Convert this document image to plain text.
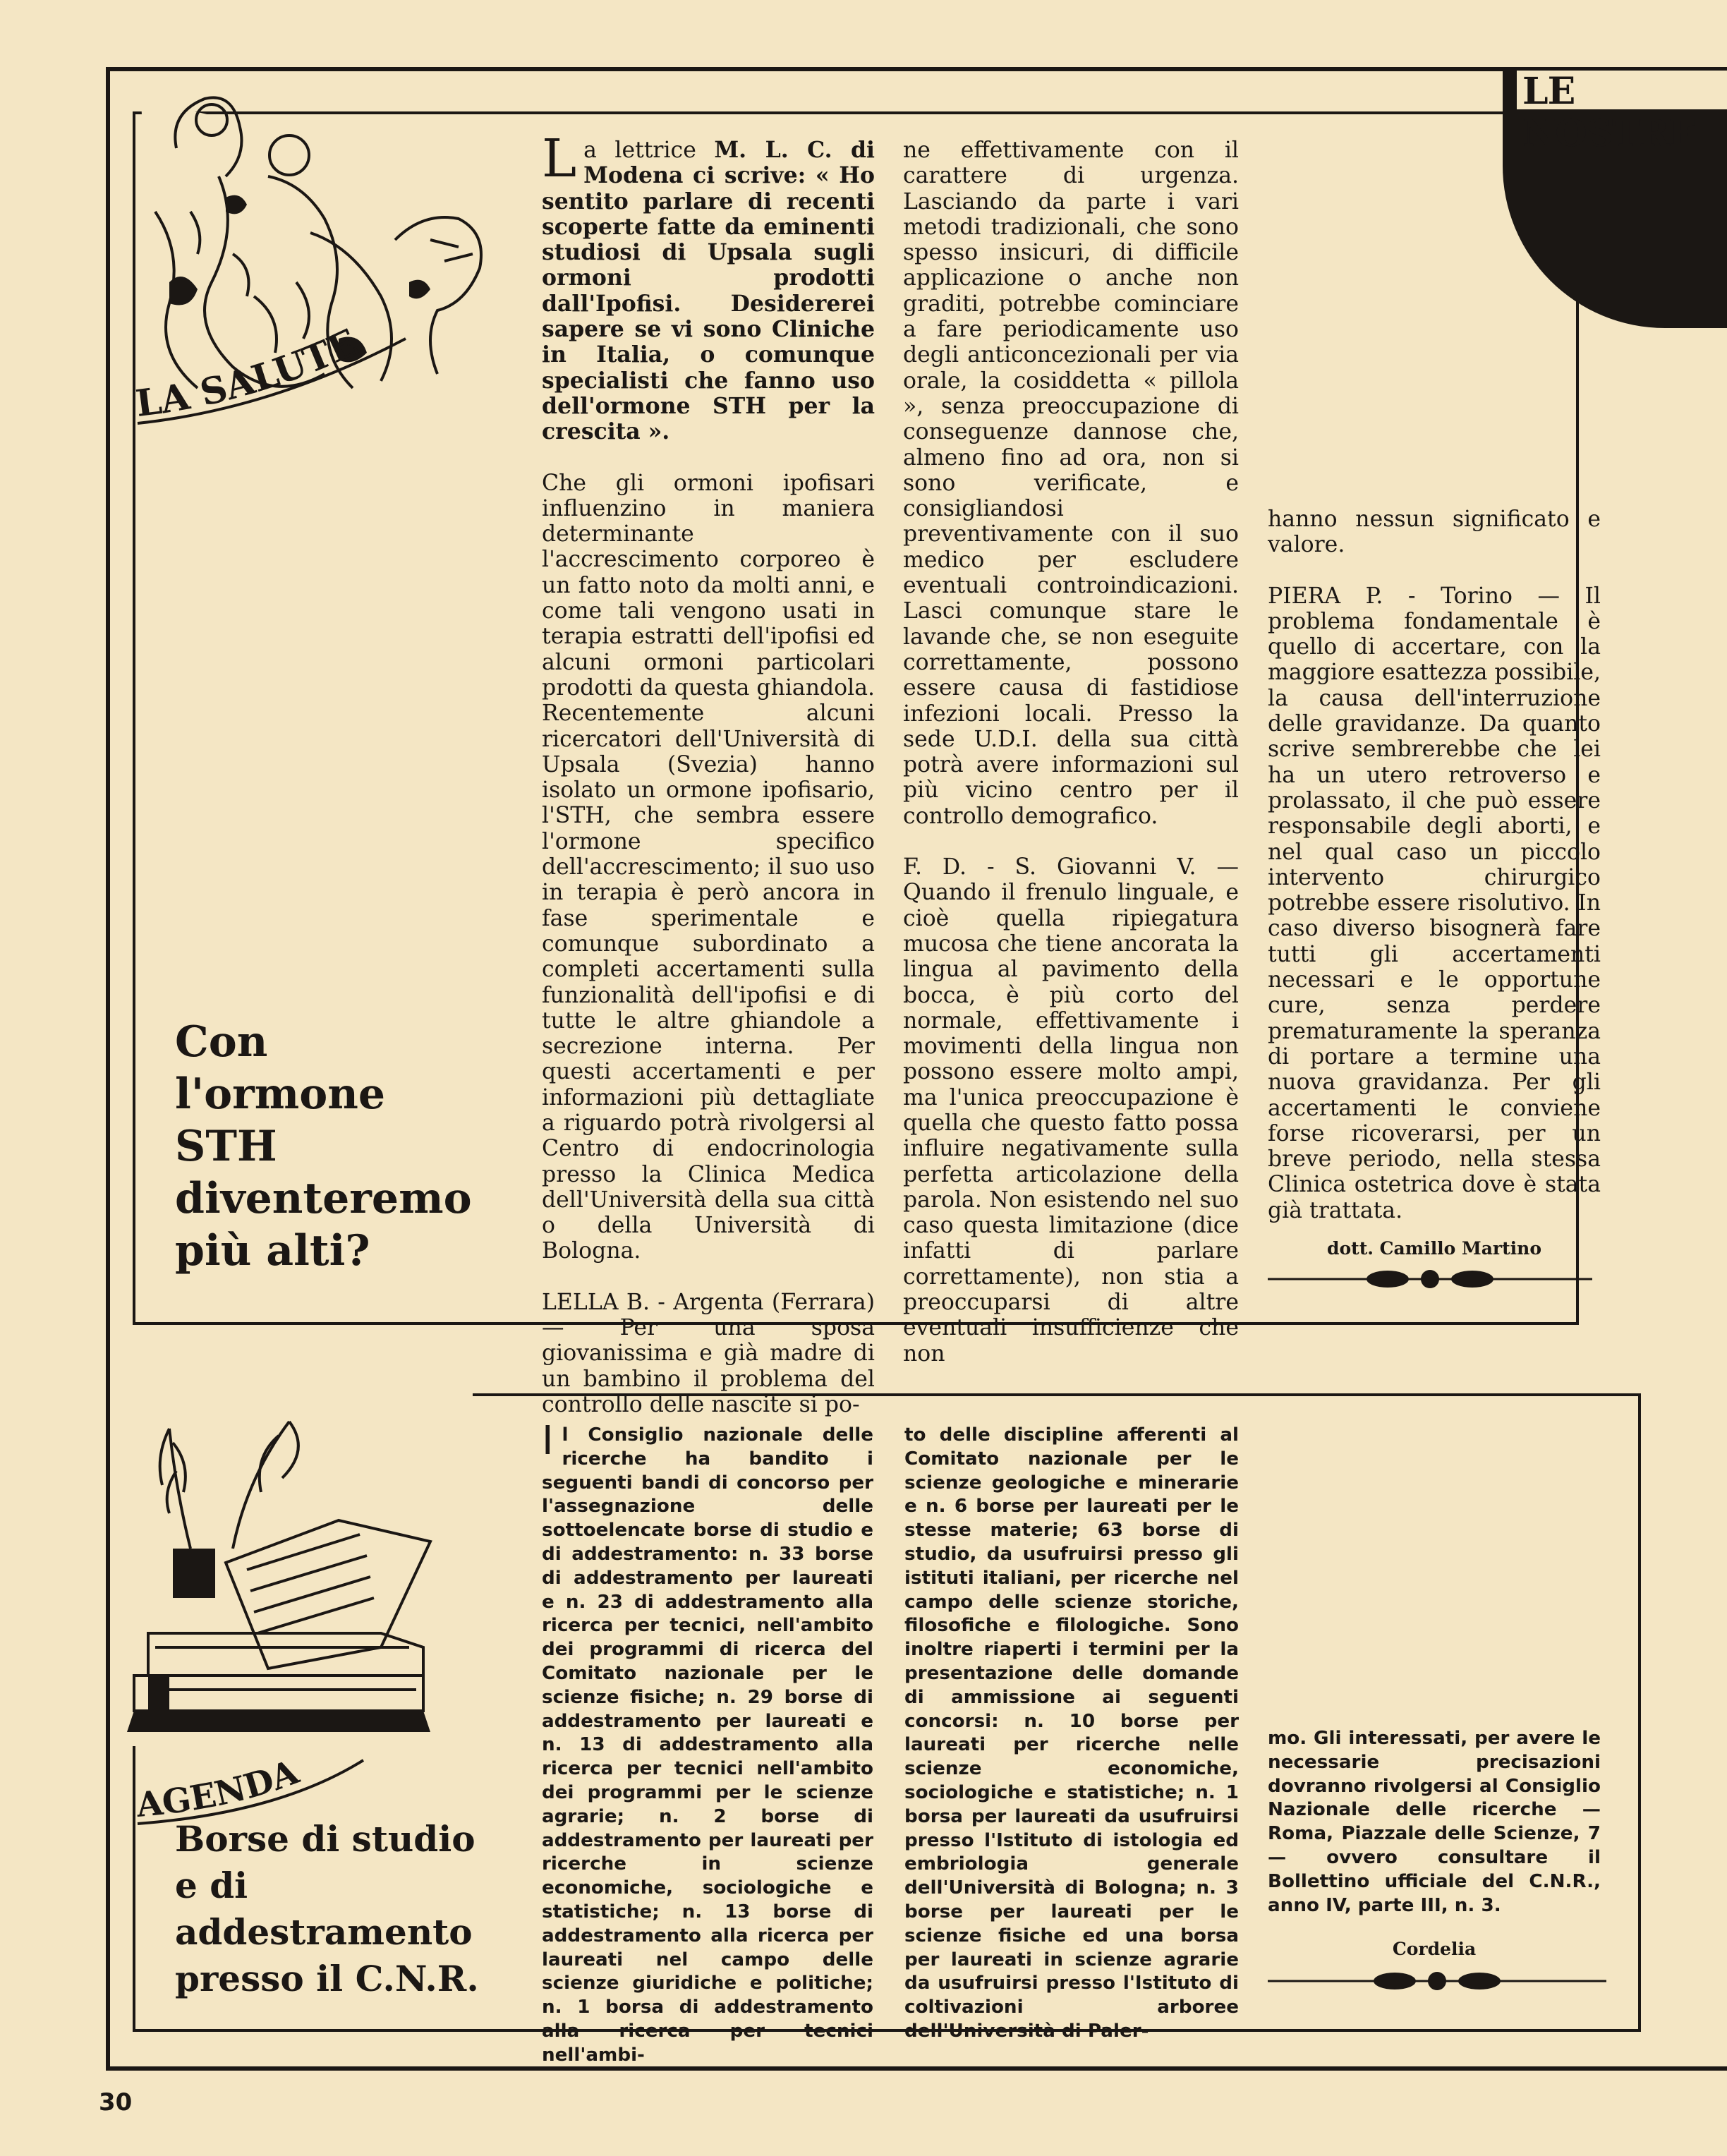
LE NOSTRE
LA SALUTE
Con
l'ormone
STH
diventeremo
più alti?

La lettrice M. L. C. di Modena ci scrive: « Ho sentito parlare di recenti scoperte fatte da eminenti studiosi di Upsala sugli ormoni prodotti dall'Ipofisi. Desidererei sapere se vi sono Cliniche in Italia, o comunque specialisti che fanno uso dell'ormone STH per la crescita ».

Che gli ormoni ipofisari influenzino in maniera determinante l'accrescimento corporeo è un fatto noto da molti anni, e come tali vengono usati in terapia estratti dell'ipofisi ed alcuni ormoni particolari prodotti da questa ghiandola. Recentemente alcuni ricercatori dell'Università di Upsala (Svezia) hanno isolato un ormone ipofisario, l'STH, che sembra essere l'ormone specifico dell'accrescimento; il suo uso in terapia è però ancora in fase sperimentale e comunque subordinato a completi accertamenti sulla funzionalità dell'ipofisi e di tutte le altre ghiandole a secrezione interna. Per questi accertamenti e per informazioni più dettagliate a riguardo potrà rivolgersi al Centro di endocrinologia presso la Clinica Medica dell'Università della sua città o della Università di Bologna.

LELLA B. - Argenta (Ferrara) — Per una sposa giovanissima e già madre di un bambino il problema del controllo delle nascite si po-

ne effettivamente con il carattere di urgenza. Lasciando da parte i vari metodi tradizionali, che sono spesso insicuri, di difficile applicazione o anche non graditi, potrebbe cominciare a fare periodicamente uso degli anticoncezionali per via orale, la cosiddetta « pillola », senza preoccupazione di conseguenze dannose che, almeno fino ad ora, non si sono verificate, e consigliandosi preventivamente con il suo medico per escludere eventuali controindicazioni. Lasci comunque stare le lavande che, se non eseguite correttamente, possono essere causa di fastidiose infezioni locali. Presso la sede U.D.I. della sua città potrà avere informazioni sul più vicino centro per il controllo demografico.

F. D. - S. Giovanni V. — Quando il frenulo linguale, e cioè quella ripiegatura mucosa che tiene ancorata la lingua al pavimento della bocca, è più corto del normale, effettivamente i movimenti della lingua non possono essere molto ampi, ma l'unica preoccupazione è quella che questo fatto possa influire negativamente sulla perfetta articolazione della parola. Non esistendo nel suo caso questa limitazione (dice infatti di parlare correttamente), non stia a preoccuparsi di altre eventuali insufficienze che non

hanno nessun significato e valore.

PIERA P. - Torino — Il problema fondamentale è quello di accertare, con la maggiore esattezza possibile, la causa dell'interruzione delle gravidanze. Da quanto scrive sembrerebbe che lei ha un utero retroverso e prolassato, il che può essere responsabile degli aborti, e nel qual caso un piccolo intervento chirurgico potrebbe essere risolutivo. In caso diverso bisognerà fare tutti gli accertamenti necessari e le opportune cure, senza perdere prematuramente la speranza di portare a termine una nuova gravidanza. Per gli accertamenti le conviene forse ricoverarsi, per un breve periodo, nella stessa Clinica ostetrica dove è stata già trattata.

dott. Camillo Martino
AGENDA
Borse di studio
e di
addestramento
presso il C.N.R.
Il Consiglio nazionale delle ricerche ha bandito i seguenti bandi di concorso per l'assegnazione delle sottoelencate borse di studio e di addestramento: n. 33 borse di addestramento per laureati e n. 23 di addestramento alla ricerca per tecnici, nell'ambito dei programmi di ricerca del Comitato nazionale per le scienze fisiche; n. 29 borse di addestramento per laureati e n. 13 di addestramento alla ricerca per tecnici nell'ambito dei programmi per le scienze agrarie; n. 2 borse di addestramento per laureati per ricerche in scienze economiche, sociologiche e statistiche; n. 13 borse di addestramento alla ricerca per laureati nel campo delle scienze giuridiche e politiche; n. 1 borsa di addestramento alla ricerca per tecnici nell'ambi-
to delle discipline afferenti al Comitato nazionale per le scienze geologiche e minerarie e n. 6 borse per laureati per le stesse materie; 63 borse di studio, da usufruirsi presso gli istituti italiani, per ricerche nel campo delle scienze storiche, filosofiche e filologiche. Sono inoltre riaperti i termini per la presentazione delle domande di ammissione ai seguenti concorsi: n. 10 borse per laureati per ricerche nelle scienze economiche, sociologiche e statistiche; n. 1 borsa per laureati da usufruirsi presso l'Istituto di istologia ed embriologia generale dell'Università di Bologna; n. 3 borse per laureati per le scienze fisiche ed una borsa per laureati in scienze agrarie da usufruirsi presso l'Istituto di coltivazioni arboree dell'Università di Paler-
mo. Gli interessati, per avere le necessarie precisazioni dovranno rivolgersi al Consiglio Nazionale delle ricerche — Roma, Piazzale delle Scienze, 7 — ovvero consultare il Bollettino ufficiale del C.N.R., anno IV, parte III, n. 3.
Cordelia
30
